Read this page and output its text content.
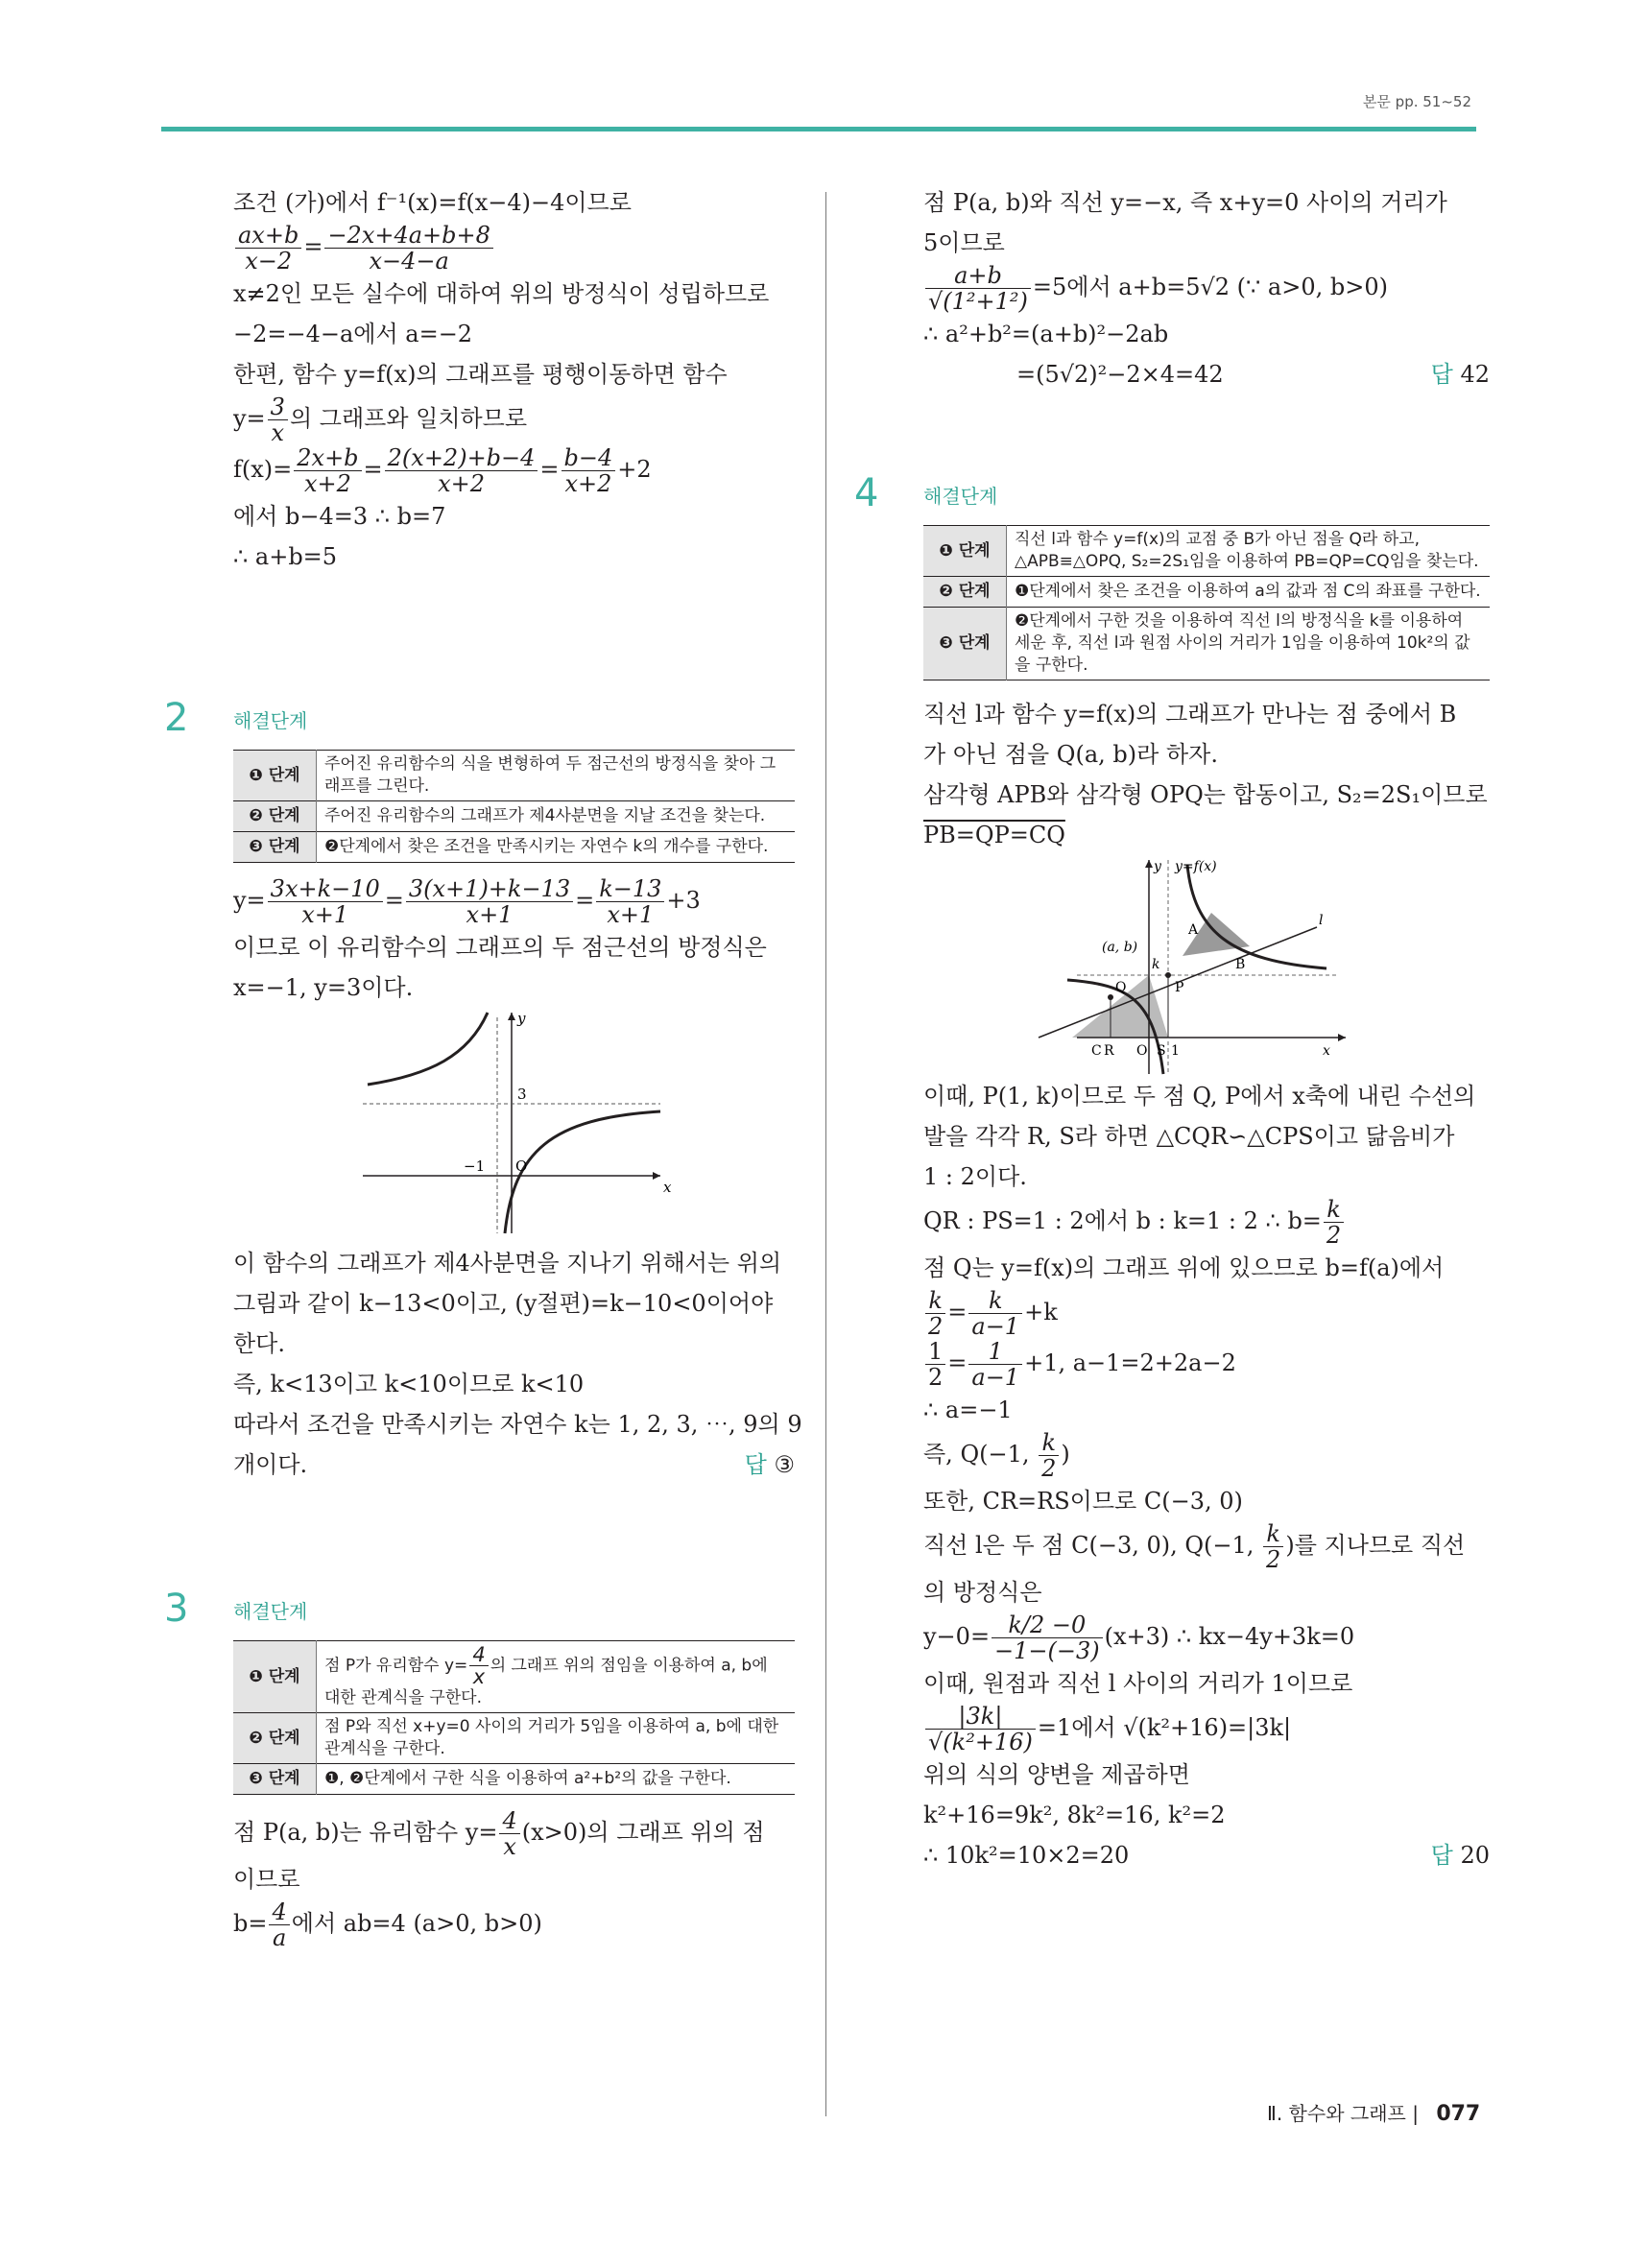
본문 pp. 51~52
조건 (가)에서 f⁻¹(x)=f(x−4)−4이므로
$\frac{ax+b}{x-2} = \frac{-2x+4a+b+8}{x-4-a}$
x≠2인 모든 실수에 대하여 위의 방정식이 성립하므로
−2=−4−a에서 a=−2
한편, 함수 y=f(x)의 그래프를 평행이동하면 함수
$y= \frac{3}{x}$ 의 그래프와 일치하므로
$f(x)= \frac{2x+b}{x+2} = \frac{2(x+2)+b-4}{x+2} = \frac{b-4}{x+2} +2$
에서 b−4=3 ∴ b=7
∴ a+b=5
2 해결단계
❶ 단계	주어진 유리함수의 식을 변형하여 두 점근선의 방정식을 찾아 그래프를 그린다.
❷ 단계	주어진 유리함수의 그래프가 제4사분면을 지날 조건을 찾는다.
❸ 단계	❷단계에서 찾은 조건을 만족시키는 자연수 k의 개수를 구한다.
$y= \frac{3x+k-10}{x+1} = \frac{3(x+1)+k-13}{x+1} = \frac{k-13}{x+1} +3$
이므로 이 유리함수의 그래프의 두 점근선의 방정식은
x=−1, y=3이다.
y
x
3
−1 O
이 함수의 그래프가 제4사분면을 지나기 위해서는 위의
그림과 같이 k−13<0이고, (y절편)=k−10<0이어야
한다.
즉, k<13이고 k<10이므로 k<10
따라서 조건을 만족시키는 자연수 k는 1, 2, 3, ⋯, 9의 9
개이다.	답 ③
3 해결단계
❶ 단계	점 P가 유리함수 $y= \frac{4}{x}$ 의 그래프 위의 점임을 이용하여 a, b에 대한 관계식을 구한다.
❷ 단계	점 P와 직선 x+y=0 사이의 거리가 5임을 이용하여 a, b에 대한 관계식을 구한다.
❸ 단계	❶, ❷단계에서 구한 식을 이용하여 a²+b²의 값을 구한다.
점 P(a, b)는 유리함수 $y= \frac{4}{x} (x>0)$의 그래프 위의 점
이므로
$b= \frac{4}{a}$ 에서 ab=4 (a>0, b>0)
점 P(a, b)와 직선 y=−x, 즉 x+y=0 사이의 거리가
5이므로
$\frac{a+b}{\text{√(1²+1²)}} =5$에서 a+b=5√2 (∵ a>0, b>0)
∴ a²+b²=(a+b)²−2ab
=(5√2)²−2×4=42	답 42
4 해결단계
❶ 단계	직선 l과 함수 y=f(x)의 교점 중 B가 아닌 점을 Q라 하고, △APB≡△OPQ, S₂=2S₁임을 이용하여 PB=QP=CQ임을 찾는다.
❷ 단계	❶단계에서 찾은 조건을 이용하여 a의 값과 점 C의 좌표를 구한다.
❸ 단계	❷단계에서 구한 것을 이용하여 직선 l의 방정식을 k를 이용하여 세운 후, 직선 l과 원점 사이의 거리가 1임을 이용하여 10k²의 값을 구한다.
직선 l과 함수 y=f(x)의 그래프가 만나는 점 중에서 B
가 아닌 점을 Q(a, b)라 하자.
삼각형 APB와 삼각형 OPQ는 합동이고, S₂=2S₁이므로
PB=QP=CQ
y y=f(x)
l
A
B
(a, b)
k
Q	P
C R O S 1	x
이때, P(1, k)이므로 두 점 Q, P에서 x축에 내린 수선의
발을 각각 R, S라 하면 △CQR∽△CPS이고 닮음비가
1 : 2이다.
QR : PS=1 : 2에서 b : k=1 : 2 ∴ $b= \frac{k}{2}$
점 Q는 y=f(x)의 그래프 위에 있으므로 b=f(a)에서
$\frac{k}{2} = \frac{k}{a-1} +k$
$\frac{1}{2} = \frac{1}{a-1} +1$, a−1=2+2a−2
∴ a=−1
즉, Q(−1, $\frac{k}{2}$ )
또한, CR=RS이므로 C(−3, 0)
직선 l은 두 점 C(−3, 0), Q(−1, $\frac{k}{2}$ )를 지나므로 직선
의 방정식은
$y-0= \frac{k/2 -0}{-1-(-3)} (x+3)$ ∴ kx−4y+3k=0
이때, 원점과 직선 l 사이의 거리가 1이므로
$\frac{|3k|}{\text{√(k²+16)}} =1$에서 √(k²+16)=|3k|
위의 식의 양변을 제곱하면
k²+16=9k², 8k²=16, k²=2
∴ 10k²=10×2=20	답 20
Ⅱ. 함수와 그래프 | 077
